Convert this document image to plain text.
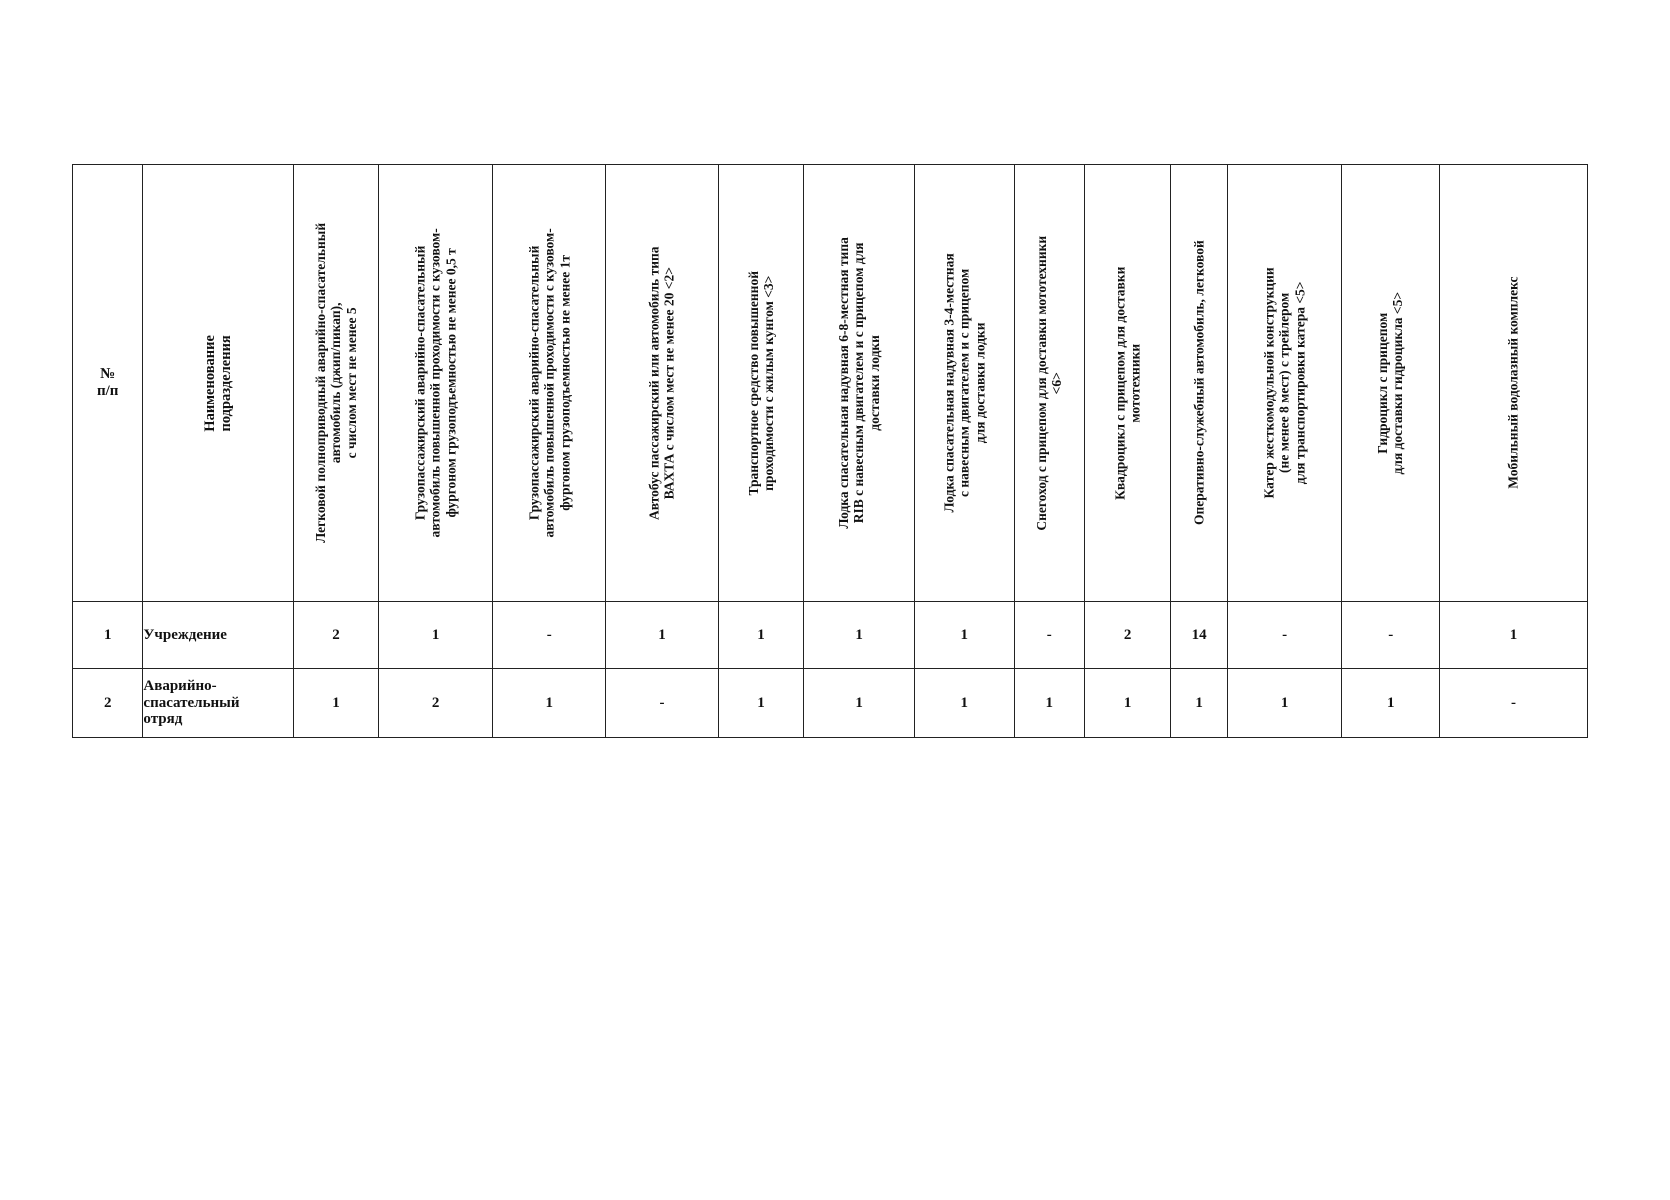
№
п/п	Наименование
подразделения	Легковой полноприводный аварийно-спасательный
автомобиль (джип/пикап),
с числом мест не менее 5	Грузопассажирский аварийно-спасательный
автомобиль повышенной проходимости с кузовом-
фургоном грузоподъемностью не менее 0,5 т	Грузопассажирский аварийно-спасательный
автомобиль повышенной проходимости с кузовом-
фургоном грузоподъемностью не менее 1т	Автобус пассажирский или автомобиль типа
ВАХТА с числом мест не менее 20 <2>	Транспортное средство повышенной
проходимости с жилым кунгом <3>	Лодка спасательная надувная 6-8-местная типа
RIB с навесным двигателем и с прицепом для
доставки лодки	Лодка спасательная надувная 3-4-местная
с навесным двигателем и с прицепом
для доставки лодки	Снегоход с прицепом для доставки мототехники
<6>	Квадроцикл с прицепом для доставки
мототехники	Оперативно-служебный автомобиль, легковой	Катер жесткомодульной конструкции
(не менее 8 мест) с трейлером
для транспортировки катера <5>	Гидроцикл с прицепом
для доставки гидроцикла <5>	Мобильный водолазный комплекс

1	Учреждение	2	1	-	1	1	1	1	-	2	14	-	-	1
2	Аварийно-
спасательный
отряд	1	2	1	-	1	1	1	1	1	1	1	1	-
